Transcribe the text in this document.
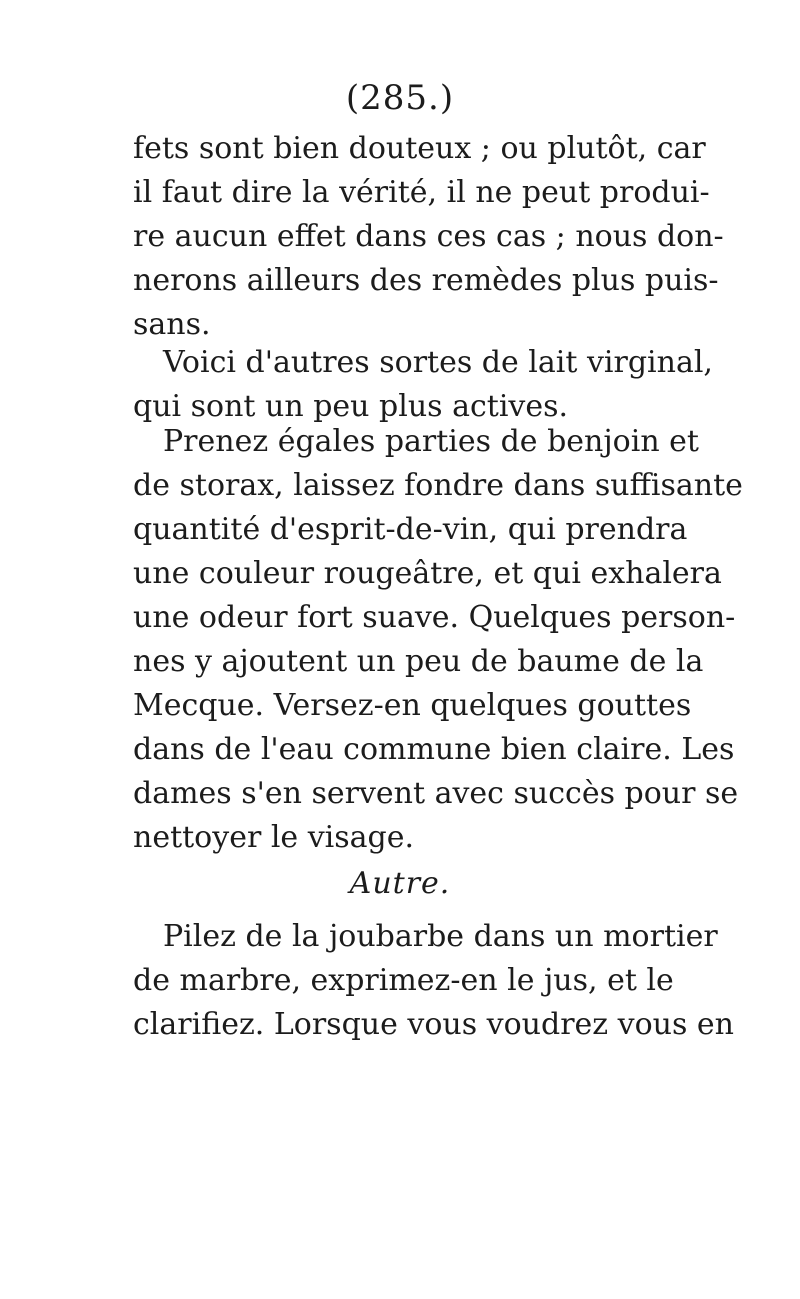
(285.)
fets sont bien douteux ; ou plutôt, car
il faut dire la vérité, il ne peut produi-
re aucun effet dans ces cas ; nous don-
nerons ailleurs des remèdes plus puis-
sans.
Voici d'autres sortes de lait virginal,
qui sont un peu plus actives.
Prenez égales parties de benjoin et
de storax, laissez fondre dans suffisante
quantité d'esprit-de-vin, qui prendra
une couleur rougeâtre, et qui exhalera
une odeur fort suave. Quelques person-
nes y ajoutent un peu de baume de la
Mecque. Versez-en quelques gouttes
dans de l'eau commune bien claire. Les
dames s'en servent avec succès pour se
nettoyer le visage.
Autre.
Pilez de la joubarbe dans un mortier
de marbre, exprimez-en le jus, et le
clarifiez. Lorsque vous voudrez vous en
